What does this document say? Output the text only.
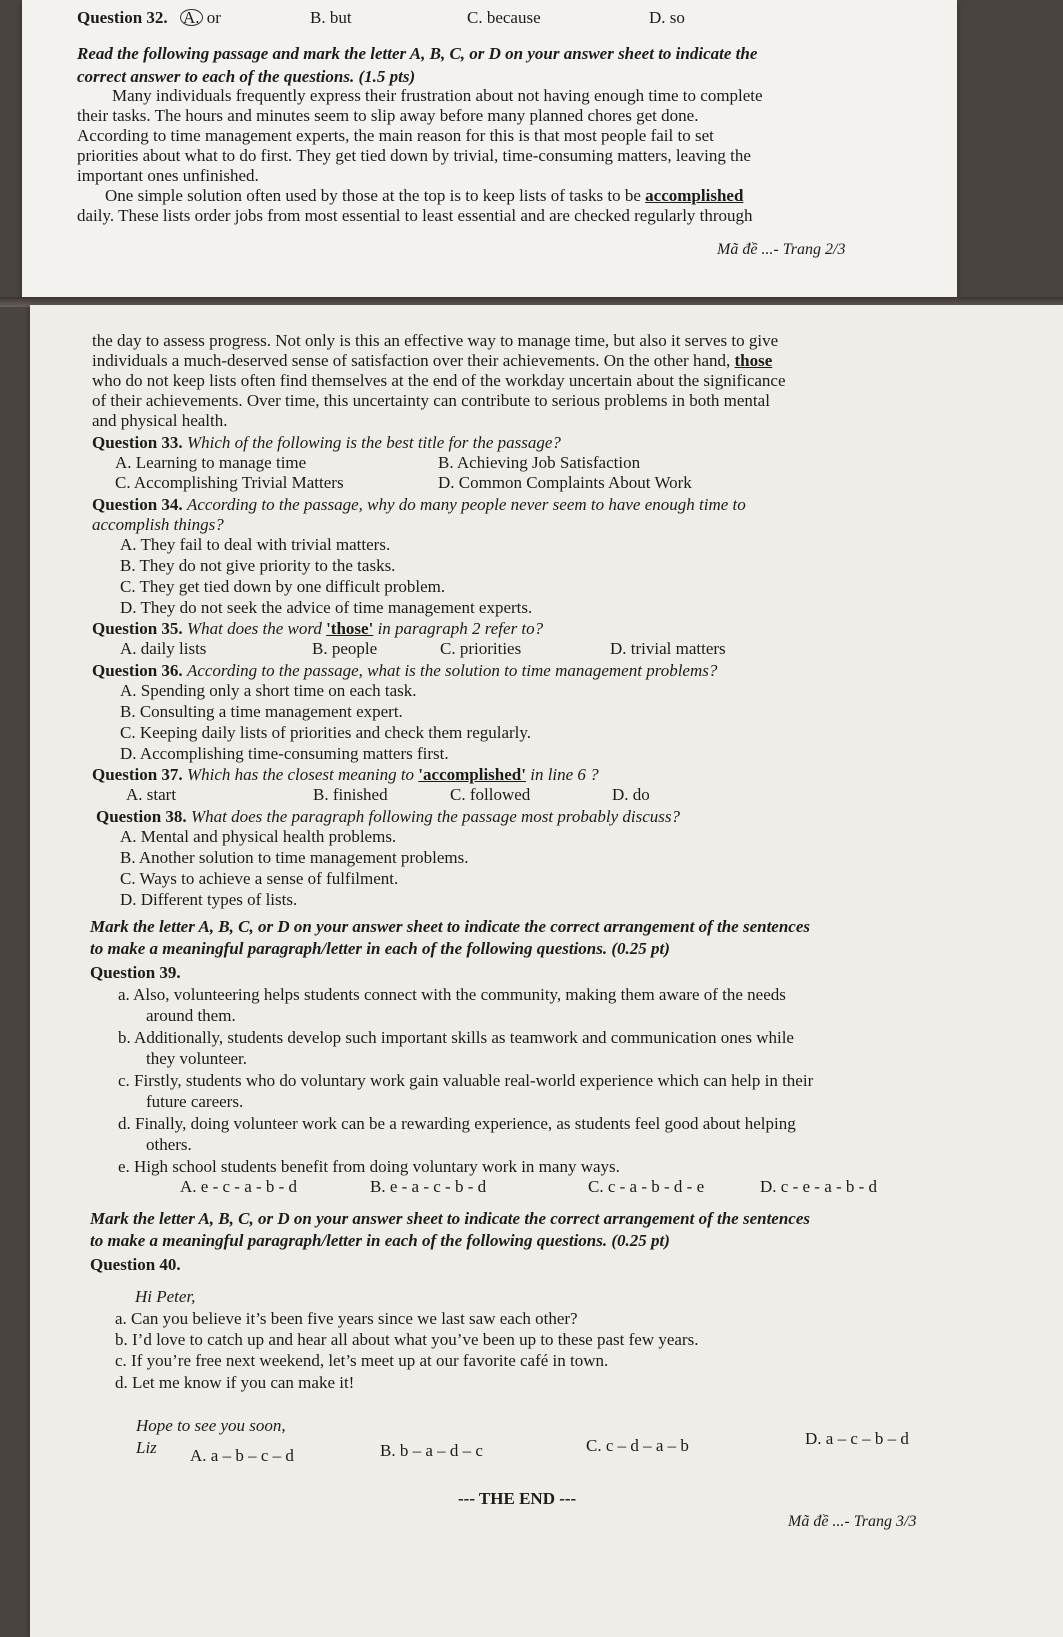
Question 32. A. or	B. but	C. because	D. so
Read the following passage and mark the letter A, B, C, or D on your answer sheet to indicate the
correct answer to each of the questions. (1.5 pts)
Many individuals frequently express their frustration about not having enough time to complete
their tasks. The hours and minutes seem to slip away before many planned chores get done.
According to time management experts, the main reason for this is that most people fail to set
priorities about what to do first. They get tied down by trivial, time-consuming matters, leaving the
important ones unfinished.
One simple solution often used by those at the top is to keep lists of tasks to be accomplished
daily. These lists order jobs from most essential to least essential and are checked regularly through
Mã đề ...- Trang 2/3
the day to assess progress. Not only is this an effective way to manage time, but also it serves to give
individuals a much-deserved sense of satisfaction over their achievements. On the other hand, those
who do not keep lists often find themselves at the end of the workday uncertain about the significance
of their achievements. Over time, this uncertainty can contribute to serious problems in both mental
and physical health.
Question 33. Which of the following is the best title for the passage?
A. Learning to manage time	B. Achieving Job Satisfaction
C. Accomplishing Trivial Matters	D. Common Complaints About Work
Question 34. According to the passage, why do many people never seem to have enough time to
accomplish things?
A. They fail to deal with trivial matters.
B. They do not give priority to the tasks.
C. They get tied down by one difficult problem.
D. They do not seek the advice of time management experts.
Question 35. What does the word 'those' in paragraph 2 refer to?
A. daily lists	B. people	C. priorities	D. trivial matters
Question 36. According to the passage, what is the solution to time management problems?
A. Spending only a short time on each task.
B. Consulting a time management expert.
C. Keeping daily lists of priorities and check them regularly.
D. Accomplishing time-consuming matters first.
Question 37. Which has the closest meaning to 'accomplished' in line 6 ?
A. start	B. finished	C. followed	D. do
Question 38. What does the paragraph following the passage most probably discuss?
A. Mental and physical health problems.
B. Another solution to time management problems.
C. Ways to achieve a sense of fulfilment.
D. Different types of lists.
Mark the letter A, B, C, or D on your answer sheet to indicate the correct arrangement of the sentences
to make a meaningful paragraph/letter in each of the following questions. (0.25 pt)
Question 39.
a. Also, volunteering helps students connect with the community, making them aware of the needs
around them.
b. Additionally, students develop such important skills as teamwork and communication ones while
they volunteer.
c. Firstly, students who do voluntary work gain valuable real-world experience which can help in their
future careers.
d. Finally, doing volunteer work can be a rewarding experience, as students feel good about helping
others.
e. High school students benefit from doing voluntary work in many ways.
A. e - c - a - b - d	B. e - a - c - b - d	C. c - a - b - d - e	D. c - e - a - b - d
Mark the letter A, B, C, or D on your answer sheet to indicate the correct arrangement of the sentences
to make a meaningful paragraph/letter in each of the following questions. (0.25 pt)
Question 40.
Hi Peter,
a. Can you believe it’s been five years since we last saw each other?
b. I’d love to catch up and hear all about what you’ve been up to these past few years.
c. If you’re free next weekend, let’s meet up at our favorite café in town.
d. Let me know if you can make it!
Hope to see you soon,
Liz A. a – b – c – d	B. b – a – d – c	C. c – d – a – b	D. a – c – b – d
--- THE END ---
Mã đề ...- Trang 3/3
